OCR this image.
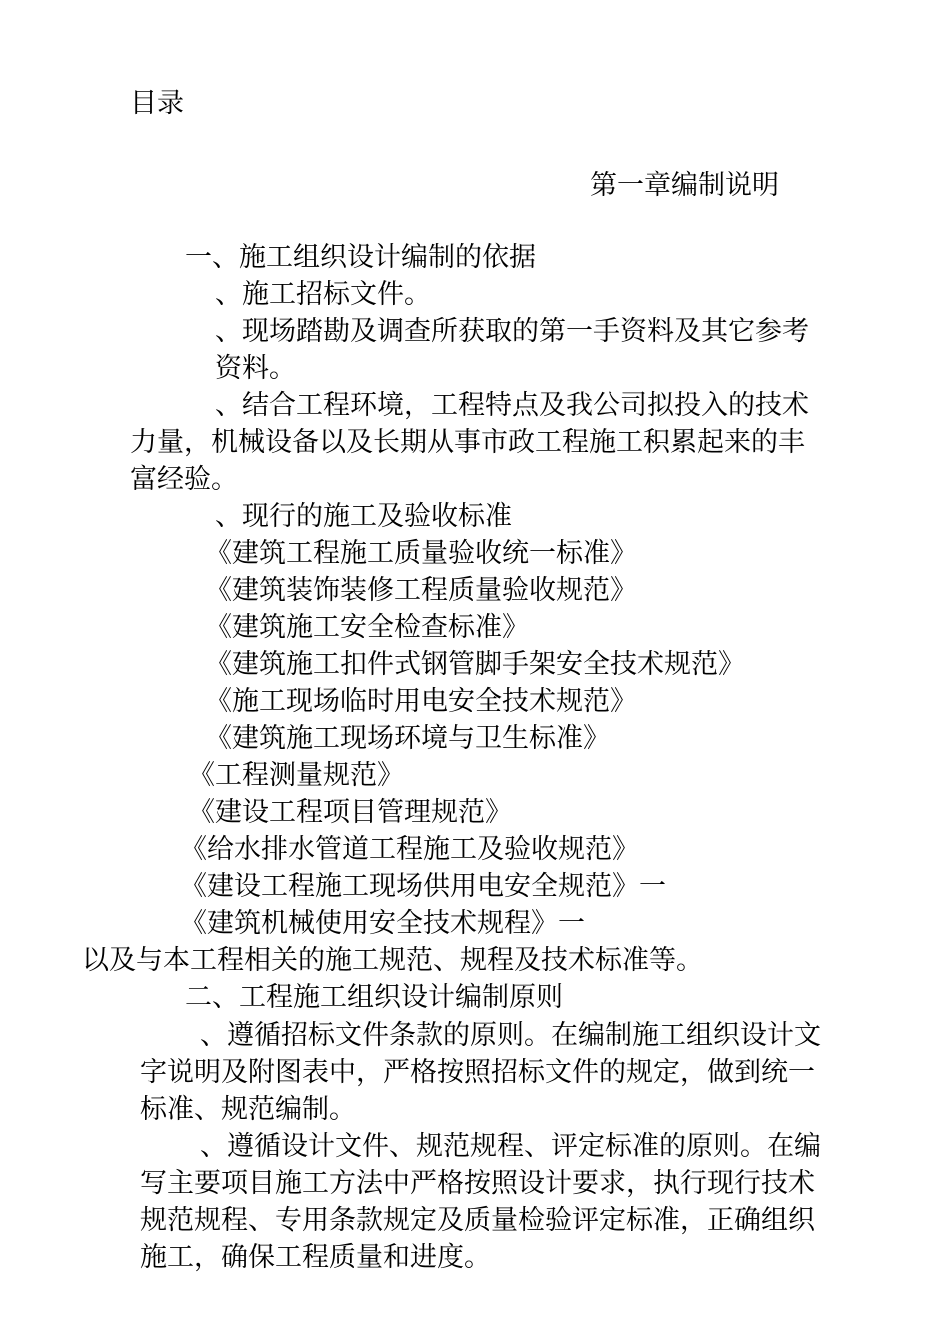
目录
第一章编制说明
一、施工组织设计编制的依据
、施工招标文件。
、现场踏勘及调查所获取的第一手资料及其它参考
资料。
、结合工程环境，工程特点及我公司拟投入的技术
力量，机械设备以及长期从事市政工程施工积累起来的丰
富经验。
、现行的施工及验收标准
《建筑工程施工质量验收统一标准》
《建筑装饰装修工程质量验收规范》
《建筑施工安全检查标准》
《建筑施工扣件式钢管脚手架安全技术规范》
《施工现场临时用电安全技术规范》
《建筑施工现场环境与卫生标准》
《工程测量规范》
《建设工程项目管理规范》
《给水排水管道工程施工及验收规范》
《建设工程施工现场供用电安全规范》一
《建筑机械使用安全技术规程》一
以及与本工程相关的施工规范、规程及技术标准等。
二、工程施工组织设计编制原则
、遵循招标文件条款的原则。在编制施工组织设计文
字说明及附图表中，严格按照招标文件的规定，做到统一
标准、规范编制。
、遵循设计文件、规范规程、评定标准的原则。在编
写主要项目施工方法中严格按照设计要求，执行现行技术
规范规程、专用条款规定及质量检验评定标准，正确组织
施工，确保工程质量和进度。
